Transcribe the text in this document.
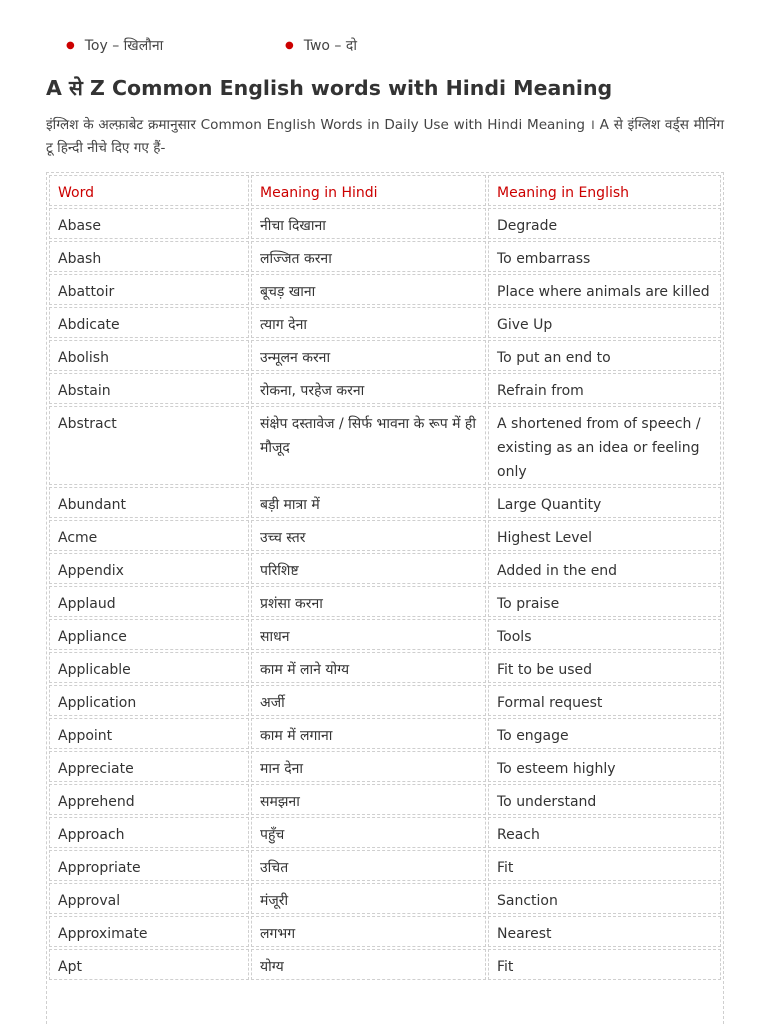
● Toy – खिलौना	● Two – दो
A से Z Common English words with Hindi Meaning

इंग्लिश के अल्फ़ाबेट क्रमानुसार Common English Words in Daily Use with Hindi Meaning । A से इंग्लिश वर्ड्स मीनिंग टू हिन्दी नीचे दिए गए हैं-

Word	Meaning in Hindi	Meaning in English
Abase	नीचा दिखाना	Degrade
Abash	लज्जित करना	To embarrass
Abattoir	बूचड़ खाना	Place where animals are killed
Abdicate	त्याग देना	Give Up
Abolish	उन्मूलन करना	To put an end to
Abstain	रोकना, परहेज करना	Refrain from
Abstract	संक्षेप दस्तावेज / सिर्फ भावना के रूप में ही मौजूद	A shortened from of speech / existing as an idea or feeling only
Abundant	बड़ी मात्रा में	Large Quantity
Acme	उच्च स्तर	Highest Level
Appendix	परिशिष्ट	Added in the end
Applaud	प्रशंसा करना	To praise
Appliance	साधन	Tools
Applicable	काम में लाने योग्य	Fit to be used
Application	अर्जी	Formal request
Appoint	काम में लगाना	To engage
Appreciate	मान देना	To esteem highly
Apprehend	समझना	To understand
Approach	पहुँच	Reach
Appropriate	उचित	Fit
Approval	मंजूरी	Sanction
Approximate	लगभग	Nearest
Apt	योग्य	Fit
